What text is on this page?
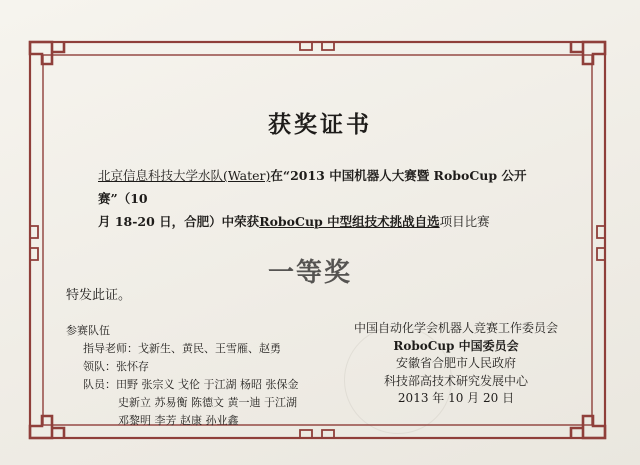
获奖证书
北京信息科技大学水队(Water)在“2013 中国机器人大赛暨 RoboCup 公开赛”（10
月 18-20 日，合肥）中荣获RoboCup 中型组技术挑战自选项目比赛
一等奖
特发此证。
参赛队伍
指导老师：戈新生、黄民、王雪雁、赵勇
领队：张怀存
队员：田野 张宗义 戈伦 于江湖 杨昭 张保金
史新立 苏易衡 陈德文 黄一迪 于江湖
邓黎明 李芳 赵康 孙业鑫
中国自动化学会机器人竞赛工作委员会
RoboCup 中国委员会
安徽省合肥市人民政府
科技部高技术研究发展中心
2013 年 10 月 20 日
